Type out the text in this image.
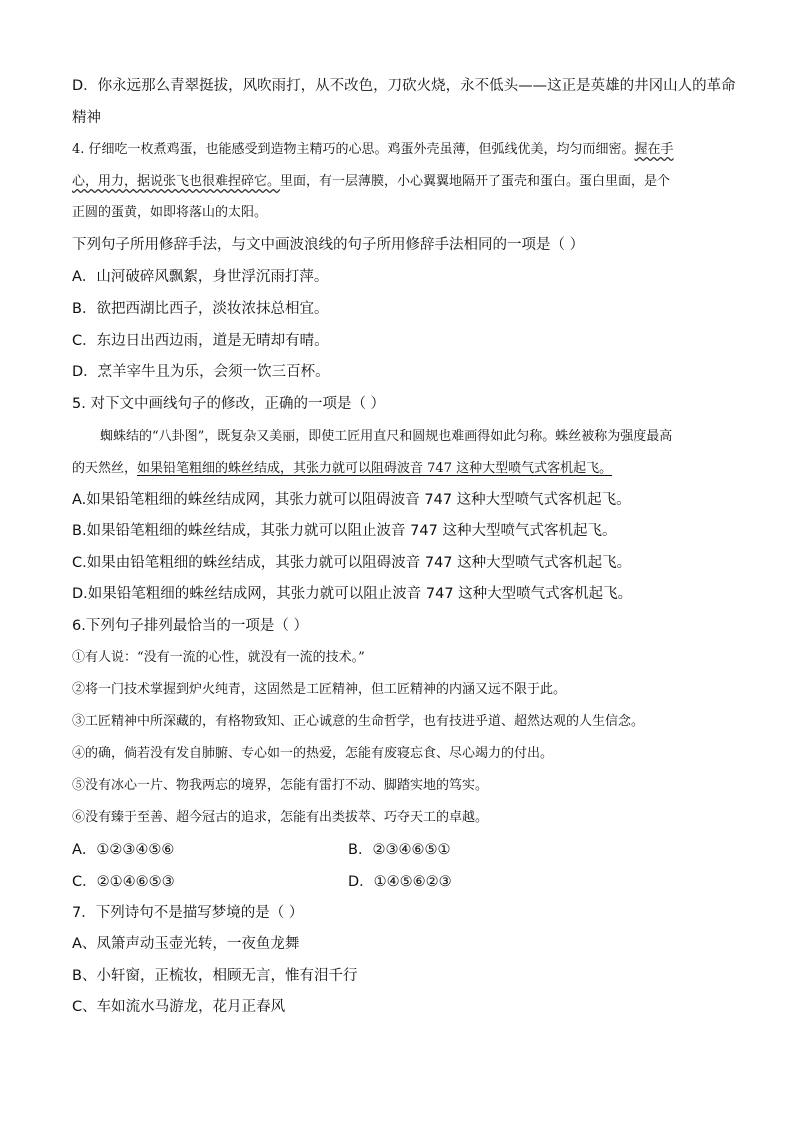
D．你永远那么青翠挺拔，风吹雨打，从不改色，刀砍火烧，永不低头——这正是英雄的井冈山人的革命
精神
4. 仔细吃一枚煮鸡蛋，也能感受到造物主精巧的心思。鸡蛋外壳虽薄，但弧线优美，均匀而细密。握在手
心，用力，据说张飞也很难捏碎它。里面，有一层薄膜，小心翼翼地隔开了蛋壳和蛋白。蛋白里面，是个
正圆的蛋黄，如即将落山的太阳。
下列句子所用修辞手法，与文中画波浪线的句子所用修辞手法相同的一项是（ ）
A．山河破碎风飘絮，身世浮沉雨打萍。
B．欲把西湖比西子，淡妆浓抹总相宜。
C．东边日出西边雨，道是无晴却有晴。
D．烹羊宰牛且为乐，会须一饮三百杯。
5. 对下文中画线句子的修改，正确的一项是（ ）
蜘蛛结的“八卦图”，既复杂又美丽，即使工匠用直尺和圆规也难画得如此匀称。蛛丝被称为强度最高
的天然丝，如果铅笔粗细的蛛丝结成，其张力就可以阻碍波音 747 这种大型喷气式客机起飞。
A.如果铅笔粗细的蛛丝结成网，其张力就可以阻碍波音 747 这种大型喷气式客机起飞。
B.如果铅笔粗细的蛛丝结成，其张力就可以阻止波音 747 这种大型喷气式客机起飞。
C.如果由铅笔粗细的蛛丝结成，其张力就可以阻碍波音 747 这种大型喷气式客机起飞。
D.如果铅笔粗细的蛛丝结成网，其张力就可以阻止波音 747 这种大型喷气式客机起飞。
6.下列句子排列最恰当的一项是（ ）
①有人说：“没有一流的心性，就没有一流的技术。”
②将一门技术掌握到炉火纯青，这固然是工匠精神，但工匠精神的内涵又远不限于此。
③工匠精神中所深藏的，有格物致知、正心诚意的生命哲学，也有技进乎道、超然达观的人生信念。
④的确，倘若没有发自肺腑、专心如一的热爱，怎能有废寝忘食、尽心竭力的付出。
⑤没有冰心一片、物我两忘的境界，怎能有雷打不动、脚踏实地的笃实。
⑥没有臻于至善、超今冠古的追求，怎能有出类拔萃、巧夺天工的卓越。
A．①②③④⑤⑥	B．②③④⑥⑤①
C．②①④⑥⑤③	D．①④⑤⑥②③
7．下列诗句不是描写梦境的是（ ）
A、凤箫声动玉壶光转，一夜鱼龙舞
B、小轩窗，正梳妆，相顾无言，惟有泪千行
C、车如流水马游龙，花月正春风
